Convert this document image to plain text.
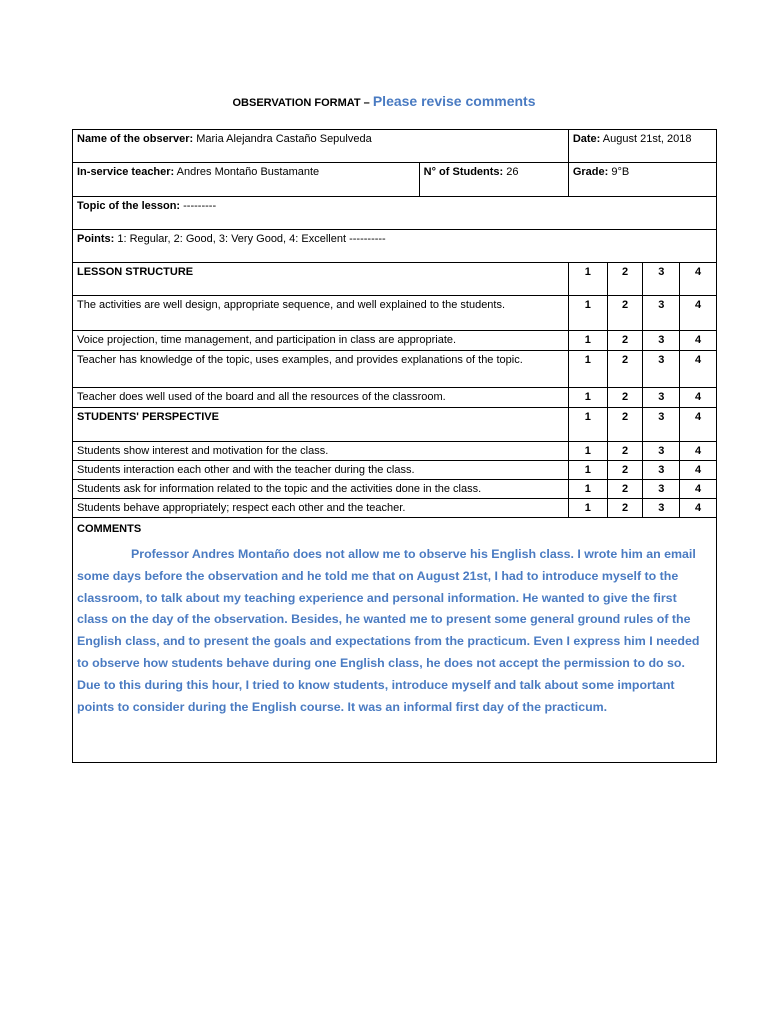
OBSERVATION FORMAT – Please revise comments
Name of the observer: Maria Alejandra Castaño Sepulveda		Date: August 21st, 2018			
In-service teacher: Andres Montaño Bustamante	N° of Students: 26	Grade: 9°B			
Topic of the lesson: ---------					
Points: 1: Regular, 2: Good, 3: Very Good, 4: Excellent ----------					
LESSON STRUCTURE		1	2	3	4
The activities are well design, appropriate sequence, and well explained to the students.		1	2	3	4
Voice projection, time management, and participation in class are appropriate.		1	2	3	4
Teacher has knowledge of the topic, uses examples, and provides explanations of the topic.		1	2	3	4
Teacher does well used of the board and all the resources of the classroom.		1	2	3	4
STUDENTS' PERSPECTIVE		1	2	3	4
Students show interest and motivation for the class.		1	2	3	4
Students interaction each other and with the teacher during the class.		1	2	3	4
Students ask for information related to the topic and the activities done in the class.		1	2	3	4
Students behave appropriately; respect each other and the teacher.		1	2	3	4

COMMENTS
Professor Andres Montaño does not allow me to observe his English class. I wrote him an email some days before the observation and he told me that on August 21st, I had to introduce myself to the classroom, to talk about my teaching experience and personal information. He wanted to give the first class on the day of the observation. Besides, he wanted me to present some general ground rules of the English class, and to present the goals and expectations from the practicum. Even I express him I needed to observe how students behave during one English class, he does not accept the permission to do so. Due to this during this hour, I tried to know students, introduce myself and talk about some important points to consider during the English course. It was an informal first day of the practicum.					
